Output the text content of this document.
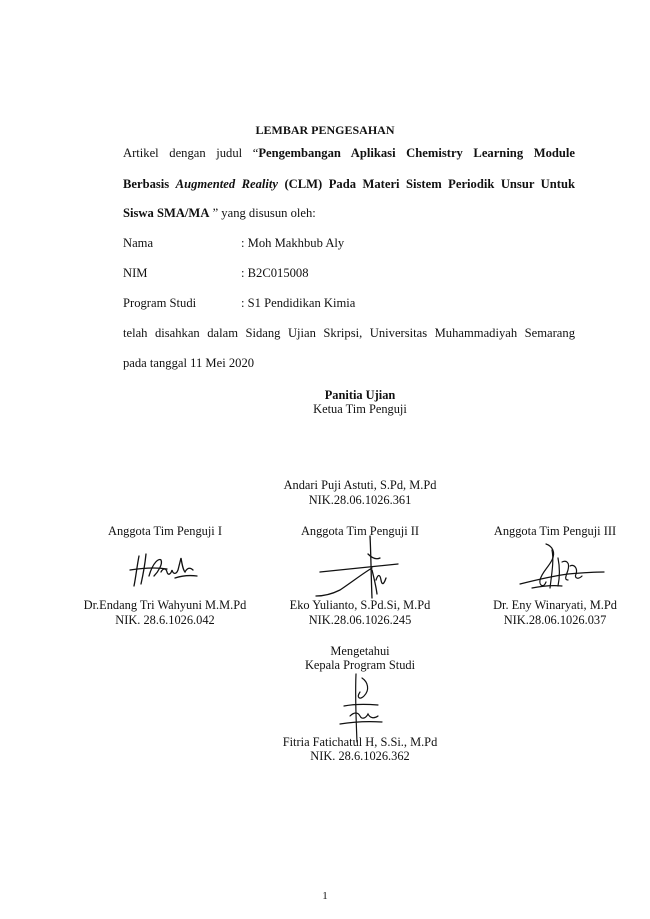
LEMBAR PENGESAHAN
Artikel dengan judul “Pengembangan Aplikasi Chemistry Learning Module
Berbasis Augmented Reality (CLM) Pada Materi Sistem Periodik Unsur Untuk
Siswa SMA/MA ” yang disusun oleh:
Nama	: Moh Makhbub Aly
NIM	: B2C015008
Program Studi	: S1 Pendidikan Kimia
telah disahkan dalam Sidang Ujian Skripsi, Universitas Muhammadiyah Semarang
pada tanggal 11 Mei 2020
Panitia Ujian
Ketua Tim Penguji
Andari Puji Astuti, S.Pd, M.Pd
NIK.28.06.1026.361
Anggota Tim Penguji I	Anggota Tim Penguji II	Anggota Tim Penguji III
Dr.Endang Tri Wahyuni M.M.Pd
NIK. 28.6.1026.042
Eko Yulianto, S.Pd.Si, M.Pd
NIK.28.06.1026.245
Dr. Eny Winaryati, M.Pd
NIK.28.06.1026.037
Mengetahui
Kepala Program Studi
Fitria Fatichatul H, S.Si., M.Pd
NIK. 28.6.1026.362
1
